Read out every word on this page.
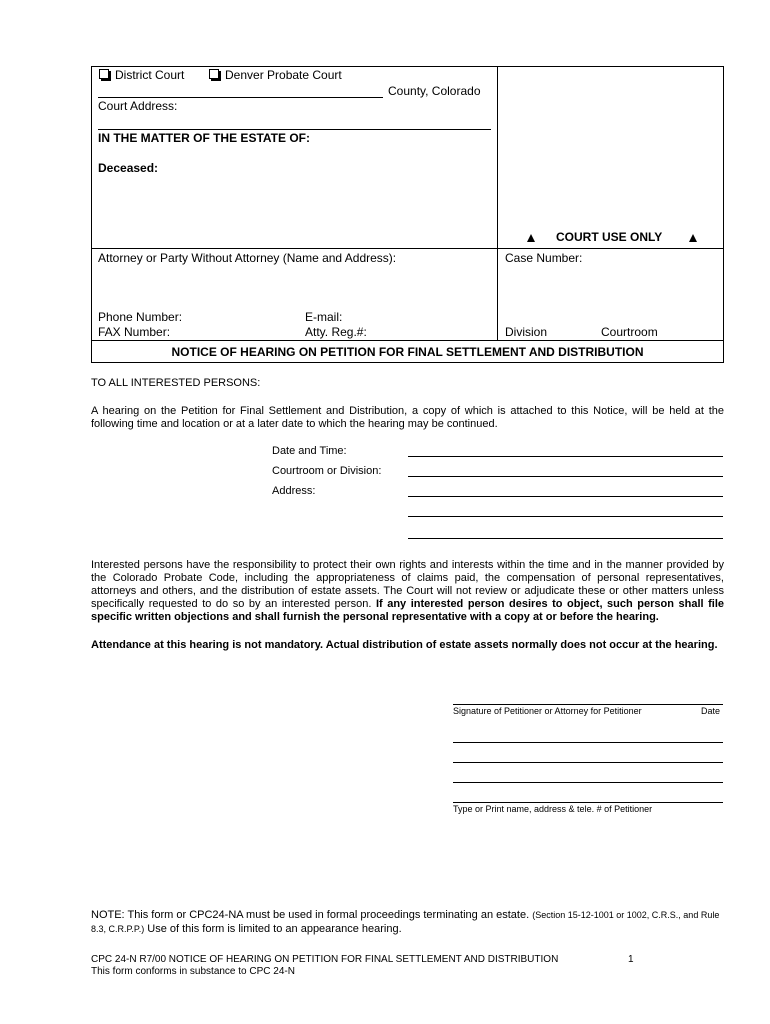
District Court	Denver Probate Court
County, Colorado
Court Address:
IN THE MATTER OF THE ESTATE OF:
Deceased:
COURT USE ONLY
Attorney or Party Without Attorney (Name and Address):	Case Number:
Phone Number:	E-mail:
FAX Number:	Atty. Reg.#:	Division	Courtroom
NOTICE OF HEARING ON PETITION FOR FINAL SETTLEMENT AND DISTRIBUTION
TO ALL INTERESTED PERSONS:
A hearing on the Petition for Final Settlement and Distribution, a copy of which is attached to this Notice, will be held at the following time and location or at a later date to which the hearing may be continued.
Date and Time:
Courtroom or Division:
Address:
Interested persons have the responsibility to protect their own rights and interests within the time and in the manner provided by the Colorado Probate Code, including the appropriateness of claims paid, the compensation of personal representatives, attorneys and others, and the distribution of estate assets. The Court will not review or adjudicate these or other matters unless specifically requested to do so by an interested person. If any interested person desires to object, such person shall file specific written objections and shall furnish the personal representative with a copy at or before the hearing.
Attendance at this hearing is not mandatory. Actual distribution of estate assets normally does not occur at the hearing.
Signature of Petitioner or Attorney for Petitioner	Date
Type or Print name, address & tele. # of Petitioner
NOTE: This form or CPC24-NA must be used in formal proceedings terminating an estate. (Section 15-12-1001 or 1002, C.R.S., and Rule 8.3, C.R.P.P.) Use of this form is limited to an appearance hearing.
CPC 24-N R7/00 NOTICE OF HEARING ON PETITION FOR FINAL SETTLEMENT AND DISTRIBUTION	1
This form conforms in substance to CPC 24-N
